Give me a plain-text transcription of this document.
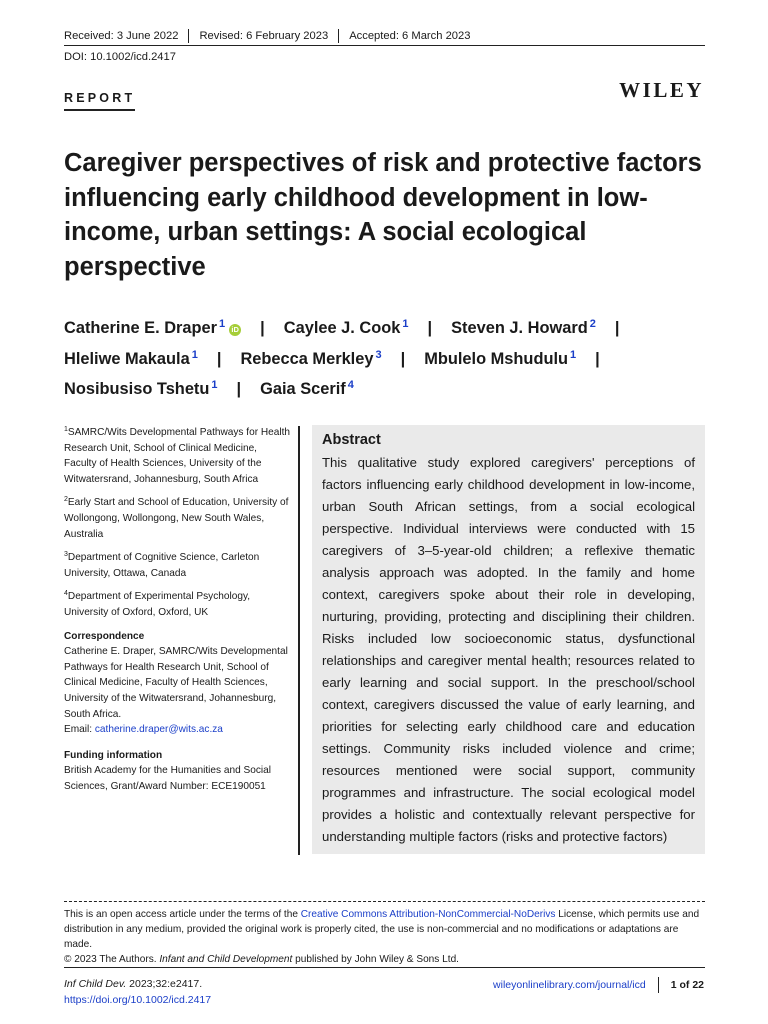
Received: 3 June 2022	Revised: 6 February 2023	Accepted: 6 March 2023
DOI: 10.1002/icd.2417
REPORT	WILEY
Caregiver perspectives of risk and protective factors influencing early childhood development in low-income, urban settings: A social ecological perspective
Catherine E. Draper $^1$ iD | Caylee J. Cook $^1$ | Steven J. Howard $^2$ |
Hleliwe Makaula $^1$ | Rebecca Merkley $^3$ | Mbulelo Mshudulu $^1$ |
Nosibusiso Tshetu $^1$ | Gaia Scerif $^4$

$^1$SAMRC/Wits Developmental Pathways for Health Research Unit, School of Clinical Medicine, Faculty of Health Sciences, University of the Witwatersrand, Johannesburg, South Africa

$^2$Early Start and School of Education, University of Wollongong, Wollongong, New South Wales, Australia

$^3$Department of Cognitive Science, Carleton University, Ottawa, Canada

$^4$Department of Experimental Psychology, University of Oxford, Oxford, UK

Correspondence

Catherine E. Draper, SAMRC/Wits Developmental Pathways for Health Research Unit, School of Clinical Medicine, Faculty of Health Sciences, University of the Witwatersrand, Johannesburg, South Africa.
Email: catherine.draper@wits.ac.za

Funding information

British Academy for the Humanities and Social Sciences, Grant/Award Number: ECE190051

Abstract

This qualitative study explored caregivers' perceptions of factors influencing early childhood development in low-income, urban South African settings, from a social ecological perspective. Individual interviews were conducted with 15 caregivers of 3–5-year-old children; a reflexive thematic analysis approach was adopted. In the family and home context, caregivers spoke about their role in developing, nurturing, providing, protecting and disciplining their children. Risks included low socioeconomic status, dysfunctional relationships and caregiver mental health; resources related to early learning and social support. In the preschool/school context, caregivers discussed the value of early learning, and priorities for selecting early childhood care and education settings. Community risks included violence and crime; resources mentioned were social support, community programmes and infrastructure. The social ecological model provides a holistic and contextually relevant perspective for understanding multiple factors (risks and protective factors)

This is an open access article under the terms of the Creative Commons Attribution-NonCommercial-NoDerivs License, which permits use and distribution in any medium, provided the original work is properly cited, the use is non-commercial and no modifications or adaptations are made.

© 2023 The Authors. Infant and Child Development published by John Wiley & Sons Ltd.

Inf Child Dev. 2023;32:e2417.

https://doi.org/10.1002/icd.2417

wileyonlinelibrary.com/journal/icd 1 of 22
